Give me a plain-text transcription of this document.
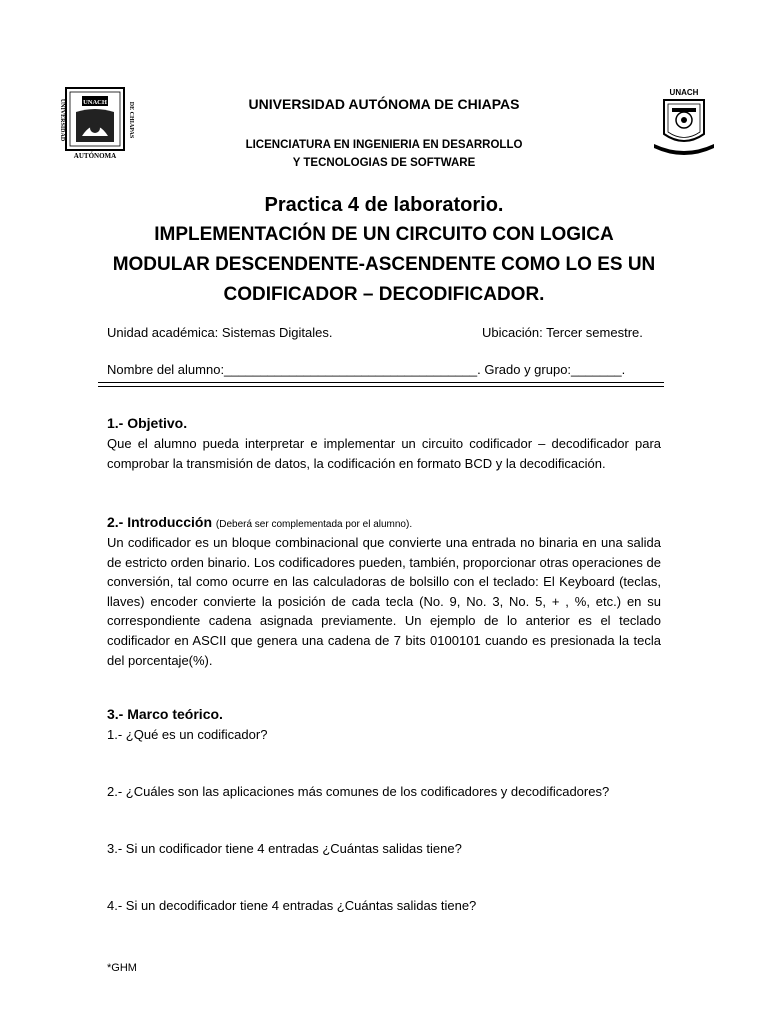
UNACH
UNIVERSIDAD	DE CHIAPAS
AUTÓNOMA
UNACH
UNIVERSIDAD AUTÓNOMA DE CHIAPAS
LICENCIATURA EN INGENIERIA EN DESARROLLO
Y TECNOLOGIAS DE SOFTWARE
Practica 4 de laboratorio.
IMPLEMENTACIÓN DE UN CIRCUITO CON LOGICA
MODULAR DESCENDENTE-ASCENDENTE COMO LO ES UN
CODIFICADOR – DECODIFICADOR.
Unidad académica: Sistemas Digitales.	Ubicación: Tercer semestre.
Nombre del alumno:___________________________________. Grado y grupo:_______.
1.- Objetivo.
Que el alumno pueda interpretar e implementar un circuito codificador – decodificador para comprobar la transmisión de datos, la codificación en formato BCD y la decodificación.
2.- Introducción (Deberá ser complementada por el alumno).
Un codificador es un bloque combinacional que convierte una entrada no binaria en una salida de estricto orden binario. Los codificadores pueden, también, proporcionar otras operaciones de conversión, tal como ocurre en las calculadoras de bolsillo con el teclado: El Keyboard (teclas, llaves) encoder convierte la posición de cada tecla (No. 9, No. 3, No. 5, + , %, etc.) en su correspondiente cadena asignada previamente. Un ejemplo de lo anterior es el teclado codificador en ASCII que genera una cadena de 7 bits 0100101 cuando es presionada la tecla del porcentaje(%).
3.- Marco teórico.
1.- ¿Qué es un codificador?
2.- ¿Cuáles son las aplicaciones más comunes de los codificadores y decodificadores?
3.- Si un codificador tiene 4 entradas ¿Cuántas salidas tiene?
4.- Si un decodificador tiene 4 entradas ¿Cuántas salidas tiene?
*GHM
